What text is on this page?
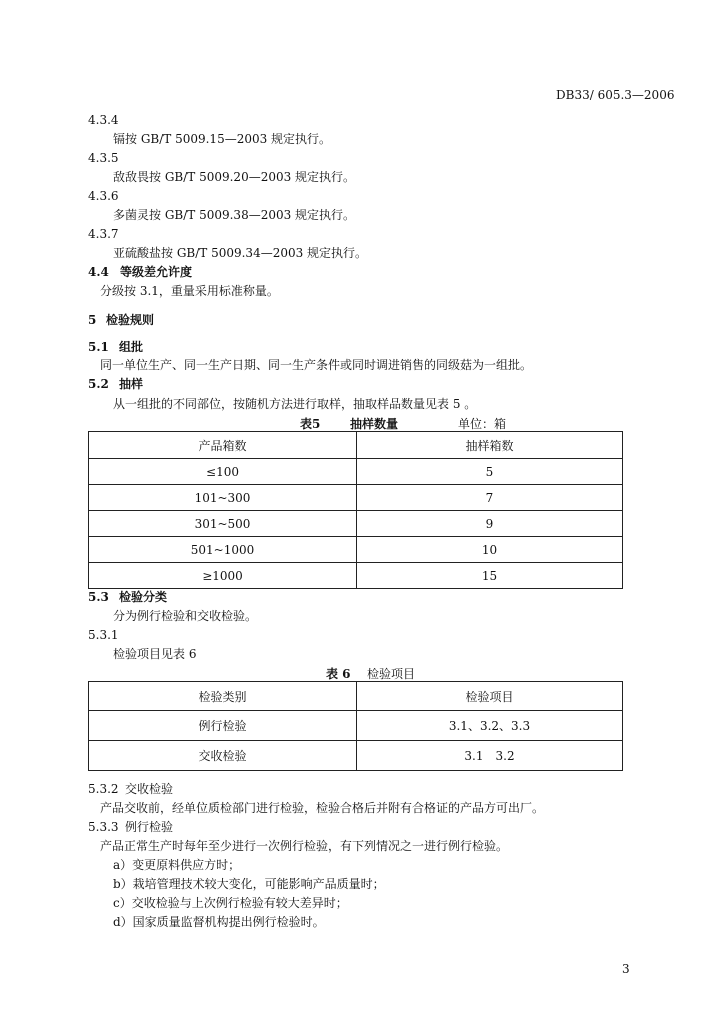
DB33/ 605.3—2006
4.3.4
镉按 GB/T 5009.15—2003 规定执行。
4.3.5
敌敌畏按 GB/T 5009.20—2003 规定执行。
4.3.6
多菌灵按 GB/T 5009.38—2003 规定执行。
4.3.7
亚硫酸盐按 GB/T 5009.34—2003 规定执行。
4.4 等级差允许度
分级按 3.1，重量采用标准称量。
5 检验规则
5.1 组批
同一单位生产、同一生产日期、同一生产条件或同时调进销售的同级菇为一组批。
5.2 抽样
从一组批的不同部位，按随机方法进行取样，抽取样品数量见表 5 。
表5 抽样数量	单位：箱
产品箱数	抽样箱数
≤100	5
101~300	7
301~500	9
501~1000	10
≥1000	15
5.3 检验分类
分为例行检验和交收检验。
5.3.1
检验项目见表 6
表 6 检验项目
检验类别	检验项目
例行检验	3.1、3.2、3.3
交收检验	3.1　3.2
5.3.2 交收检验
产品交收前，经单位质检部门进行检验，检验合格后并附有合格证的产品方可出厂。
5.3.3 例行检验
产品正常生产时每年至少进行一次例行检验，有下列情况之一进行例行检验。
a）变更原料供应方时；
b）栽培管理技术较大变化，可能影响产品质量时；
c）交收检验与上次例行检验有较大差异时；
d）国家质量监督机构提出例行检验时。
3
